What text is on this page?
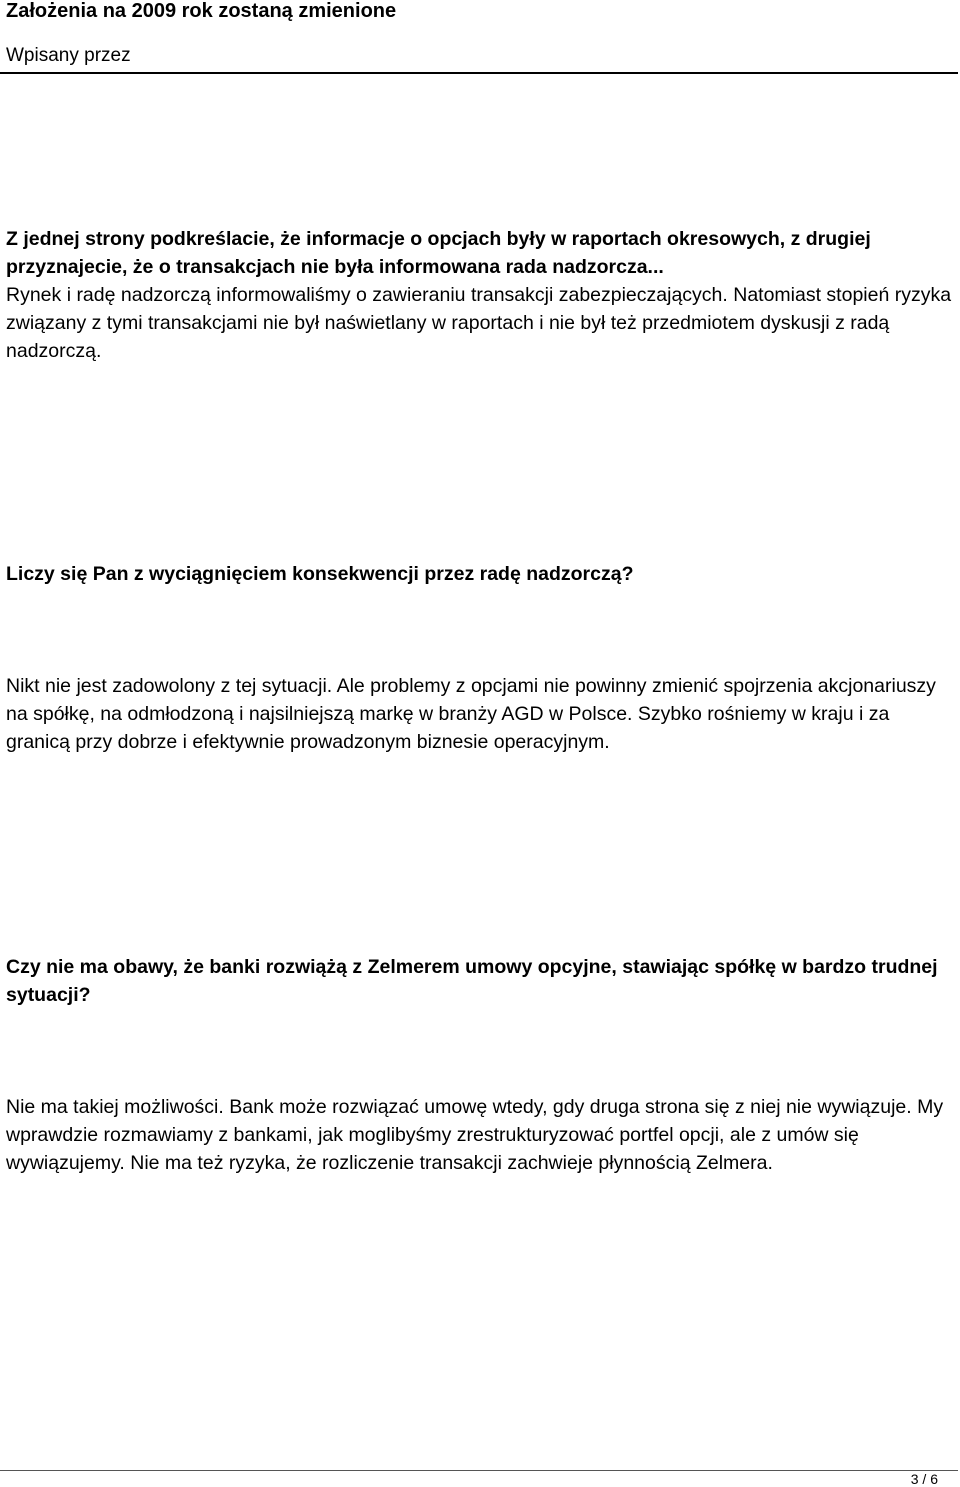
Założenia na 2009 rok zostaną zmienione
Wpisany przez

Z jednej strony podkreślacie, że informacje o opcjach były w raportach okresowych, z drugiej przyznajecie, że o transakcjach nie była informowana rada nadzorcza...
Rynek i radę nadzorczą informowaliśmy o zawieraniu transakcji zabezpieczających. Natomiast stopień ryzyka związany z tymi transakcjami nie był naświetlany w raportach i nie był też przedmiotem dyskusji z radą nadzorczą.

Liczy się Pan z wyciągnięciem konsekwencji przez radę nadzorczą?

Nikt nie jest zadowolony z tej sytuacji. Ale problemy z opcjami nie powinny zmienić spojrzenia akcjonariuszy na spółkę, na odmłodzoną i najsilniejszą markę w branży AGD w Polsce. Szybko rośniemy w kraju i za granicą przy dobrze i efektywnie prowadzonym biznesie operacyjnym.

Czy nie ma obawy, że banki rozwiążą z Zelmerem umowy opcyjne, stawiając spółkę w bardzo trudnej sytuacji?

Nie ma takiej możliwości. Bank może rozwiązać umowę wtedy, gdy druga strona się z niej nie wywiązuje. My wprawdzie rozmawiamy z bankami, jak moglibyśmy zrestrukturyzować portfel opcji, ale z umów się wywiązujemy. Nie ma też ryzyka, że rozliczenie transakcji zachwieje płynnością Zelmera.

3 / 6
